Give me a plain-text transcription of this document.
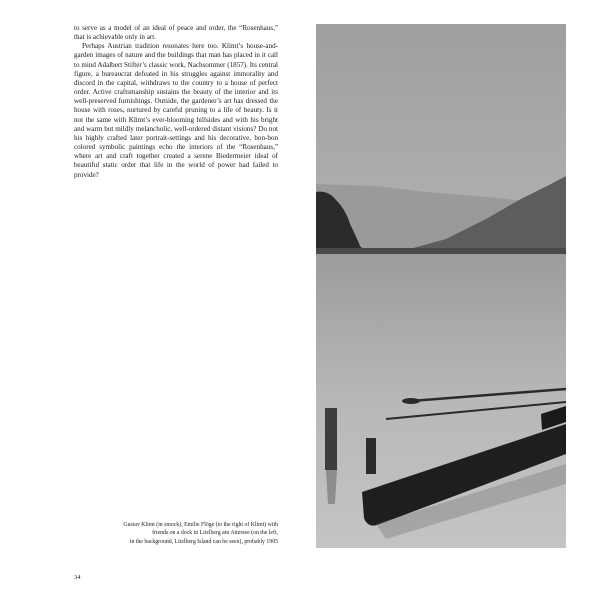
to serve as a model of an ideal of peace and order, the “Rosenhaus,” that is achievable only in art.

Perhaps Austrian tradition resonates here too. Klimt’s house-and-garden images of nature and the buildings that man has placed in it call to mind Adalbert Stifter’s classic work, Nachsommer (1857). Its central figure, a bureaucrat defeated in his struggles against immorality and discord in the capital, withdraws to the country to a house of perfect order. Active craftsmanship sustains the beauty of the interior and its well-preserved furnishings. Outside, the gardener’s art has dressed the house with roses, nurtured by careful pruning to a life of beauty. Is it not the same with Klimt’s ever-blooming hillsides and with his bright and warm but mildly melancholic, well-ordered distant visions? Do not his highly crafted later portrait-settings and his decorative, bon-bon colored symbolic paintings echo the interiors of the “Rosenhaus,” where art and craft together created a serene Biedermeier ideal of beautiful static order that life in the world of power had failed to provide?

Gustav Klimt (in smock), Emilie Flöge (to the right of Klimt) with
friends on a dock in Litzlberg am Attersee (on the left,
in the background, Litzlberg Island can be seen), probably 1905
34
